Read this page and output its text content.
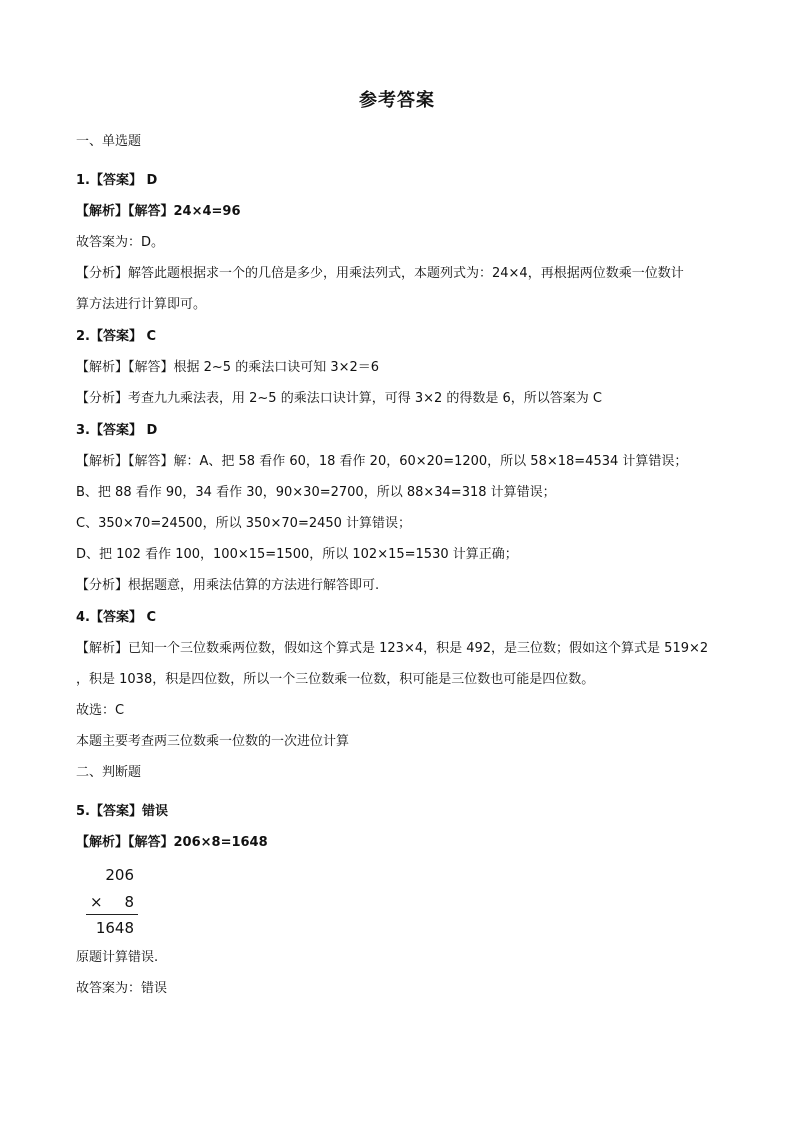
参考答案
一、单选题
1.【答案】 D
【解析】【解答】24×4=96
故答案为：D。
【分析】解答此题根据求一个的几倍是多少，用乘法列式，本题列式为：24×4，再根据两位数乘一位数计
算方法进行计算即可。
2.【答案】 C
【解析】【解答】根据 2~5 的乘法口诀可知 3×2＝6
【分析】考查九九乘法表，用 2~5 的乘法口诀计算，可得 3×2 的得数是 6，所以答案为 C
3.【答案】 D
【解析】【解答】解：A、把 58 看作 60，18 看作 20，60×20=1200，所以 58×18=4534 计算错误；
B、把 88 看作 90，34 看作 30，90×30=2700，所以 88×34=318 计算错误；
C、350×70=24500，所以 350×70=2450 计算错误；
D、把 102 看作 100，100×15=1500，所以 102×15=1530 计算正确；
【分析】根据题意，用乘法估算的方法进行解答即可.
4.【答案】 C
【解析】已知一个三位数乘两位数，假如这个算式是 123×4，积是 492，是三位数；假如这个算式是 519×2
，积是 1038，积是四位数，所以一个三位数乘一位数，积可能是三位数也可能是四位数。
故选：C
本题主要考查两三位数乘一位数的一次进位计算
二、判断题
5.【答案】错误
【解析】【解答】206×8=1648
原题计算错误.
故答案为：错误
206
× 8
1648
